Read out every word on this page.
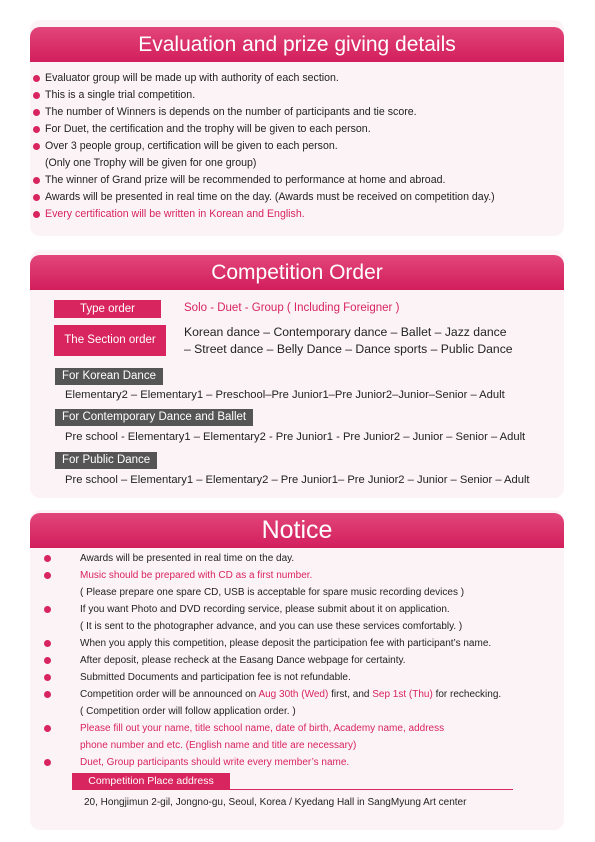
Evaluation and prize giving details
Evaluator group will be made up with authority of each section.
This is a single trial competition.
The number of Winners is depends on the number of participants and tie score.
For Duet, the certification and the trophy will be given to each person.
Over 3 people group, certification will be given to each person.
(Only one Trophy will be given for one group)
The winner of Grand prize will be recommended to performance at home and abroad.
Awards will be presented in real time on the day. (Awards must be received on competition day.)
Every certification will be written in Korean and English.
Competition Order
Type order	Solo - Duet - Group ( Including Foreigner )
The Section order
Korean dance – Contemporary dance – Ballet – Jazz dance
– Street dance – Belly Dance – Dance sports – Public Dance
For Korean Dance
Elementary2 – Elementary1 – Preschool–Pre Junior1–Pre Junior2–Junior–Senior – Adult
For Contemporary Dance and Ballet
Pre school - Elementary1 – Elementary2 - Pre Junior1 - Pre Junior2 – Junior – Senior – Adult
For Public Dance
Pre school – Elementary1 – Elementary2 – Pre Junior1– Pre Junior2 – Junior – Senior – Adult
Notice
Awards will be presented in real time on the day.
Music should be prepared with CD as a first number.
( Please prepare one spare CD, USB is acceptable for spare music recording devices )
If you want Photo and DVD recording service, please submit about it on application.
( It is sent to the photographer advance, and you can use these services comfortably. )
When you apply this competition, please deposit the participation fee with participant’s name.
After deposit, please recheck at the Easang Dance webpage for certainty.
Submitted Documents and participation fee is not refundable.
Competition order will be announced on Aug 30th (Wed) first, and Sep 1st (Thu) for rechecking.
( Competition order will follow application order. )
Please fill out your name, title school name, date of birth, Academy name, address
phone number and etc. (English name and title are necessary)
Duet, Group participants should write every member’s name.
Competition Place address
20, Hongjimun 2-gil, Jongno-gu, Seoul, Korea / Kyedang Hall in SangMyung Art center
